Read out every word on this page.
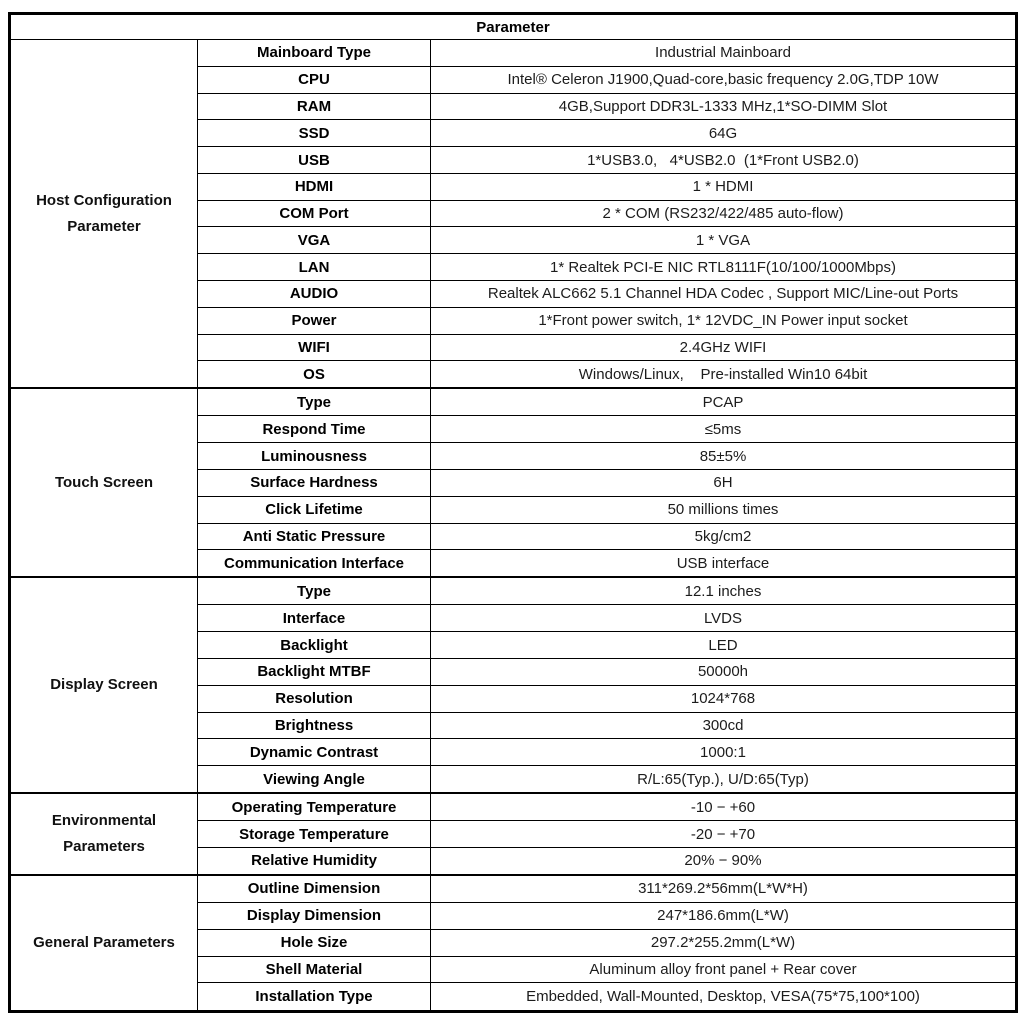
Parameter		
Host Configuration Parameter	Mainboard Type	Industrial Mainboard
	CPU	Intel® Celeron J1900,Quad-core,basic frequency 2.0G,TDP 10W
	RAM	4GB,Support DDR3L-1333 MHz,1*SO-DIMM Slot
	SSD	64G
	USB	1*USB3.0,   4*USB2.0  (1*Front USB2.0)
	HDMI	1 * HDMI
	COM Port	2 * COM (RS232/422/485 auto-flow)
	VGA	1 * VGA
	LAN	1* Realtek PCI-E NIC RTL8111F(10/100/1000Mbps)
	AUDIO	Realtek ALC662 5.1 Channel HDA Codec , Support MIC/Line-out Ports
	Power	1*Front power switch, 1* 12VDC_IN Power input socket
	WIFI	2.4GHz WIFI
	OS	Windows/Linux,    Pre-installed Win10 64bit
Touch Screen	Type	PCAP
	Respond Time	≤5ms
	Luminousness	85±5%
	Surface Hardness	6H
	Click Lifetime	50 millions times
	Anti Static Pressure	5kg/cm2
	Communication Interface	USB interface
Display Screen	Type	12.1 inches
	Interface	LVDS
	Backlight	LED
	Backlight MTBF	50000h
	Resolution	1024*768
	Brightness	300cd
	Dynamic Contrast	1000:1
	Viewing Angle	R/L:65(Typ.), U/D:65(Typ)
Environmental Parameters	Operating Temperature	-10 − +60
	Storage Temperature	-20 − +70
	Relative Humidity	20% − 90%
General Parameters	Outline Dimension	311*269.2*56mm(L*W*H)
	Display Dimension	247*186.6mm(L*W)
	Hole Size	297.2*255.2mm(L*W)
	Shell Material	Aluminum alloy front panel + Rear cover
	Installation Type	Embedded, Wall-Mounted, Desktop, VESA(75*75,100*100)
